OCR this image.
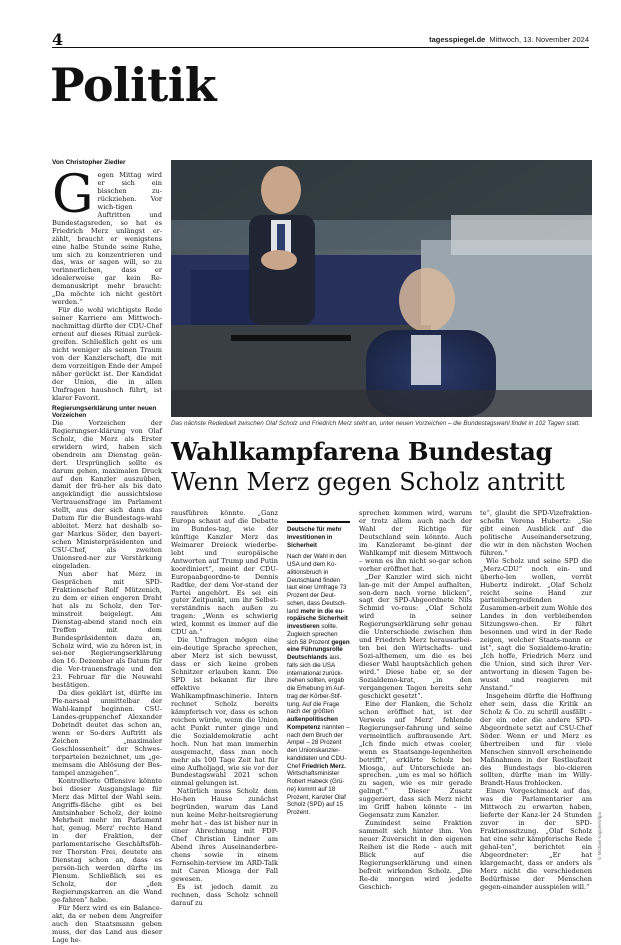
4	tagesspiegel.de Mittwoch, 13. November 2024
Politik
Von Christopher Ziedler

Gegen Mittag wird er sich ein bisschen zu-rückziehen. Vor wich-tigen Auftritten und Bundestagsreden, so hat es Friedrich Merz unlängst er-zählt, braucht er wenigstens eine halbe Stunde seine Ruhe, um sich zu konzentrieren und das, was er sagen will, so zu verinnerlichen, dass er idealerweise gar kein Re-demanuskript mehr braucht: „Da möchte ich nicht gestört werden.“

Für die wohl wichtigste Rede seiner Karriere am Mittwoch-nachmittag dürfte der CDU-Chef erneut auf dieses Ritual zurück-greifen. Schließlich geht es um nicht weniger als seinen Traum von der Kanzlerschaft, die mit dem vorzeitigen Ende der Ampel näher gerückt ist. Der Kandidat der Union, die in allen Umfragen haushoch führt, ist klarer Favorit.

Regierungserklärung unter neuen Vorzeichen

Die Vorzeichen der Regierungser-klärung von Olaf Scholz, die Merz als Erster erwidern wird, haben sich obendrein am Dienstag geän-dert. Ursprünglich sollte es darum gehen, maximalen Druck auf den Kanzler auszuüben, damit der frü-her als bis dato angekündigt die aussichtslose Vertrauensfrage im Parlament stellt, aus der sich dann das Datum für die Bundestags-wahl ableitet. Merz hat deshalb so-gar Markus Söder, den bayeri-schen Ministerpräsidenten und CSU-Chef, als zweiten Unionsred-ner zur Verstärkung eingeladen.

Nun aber hat Merz in Gesprächen mit SPD-Fraktionschef Rolf Mützenich, zu dem er einen engeren Draht hat als zu Scholz, den Ter-minstreit beigelegt. Am Dienstag-abend stand noch ein Treffen mit dem Bundespräsidenten dazu an, Scholz wird, wie zu hören ist, in sei-ner Regierungserklärung den 16. Dezember als Datum für die Ver-trauensfrage und den 23. Februar für die Neuwahl bestätigen.

Da dies geklärt ist, dürfte im Ple-narsaal unmittelbar der Wahl-kampf beginnen. CSU-Landes-gruppenchef Alexander Dobrindt deutet das schon an, wenn er So-ders Auftritt als Zeichen „maximaler Geschlossenheit“ der Schwes-terparteien bezeichnet, um „ge-meinsam die Ablösung der Bes-tampel anzugehen“.

Kontrollierte Offensive könnte bei dieser Ausgangslage für Merz das Mittel der Wahl sein. Angriffs-fläche gibt es bei Amtsinhaber Scholz, der keine Mehrheit mehr im Parlament hat, genug. Merz' rechte Hand in der Fraktion, der parlamentarische Geschäftsfüh-rer Thorsten Frei, deutete am Dienstag schon an, dass es persön-lich werden dürfte im Plenum. Schließlich sei es Scholz, der „den Regierungskarren an die Wand ge-fahren“ habe.

Für Merz wird es ein Balance-akt, da er neben dem Angreifer auch den Staatsmann geben muss, der das Land aus dieser Lage he-

Das nächste Rededuell zwischen Olaf Scholz und Friedrich Merz steht an, unter neuen Vorzeichen – die Bundestagswahl findet in 102 Tagen statt.
© Michael Kappeler/dpa
Wahlkampfarena Bundestag
Wenn Merz gegen Scholz antritt

rausführen könnte. „Ganz Europa schaut auf die Debatte im Bundes-tag, wie der künftige Kanzler Merz das Weimarer Dreieck wiederbe-lebt und europäische Antworten auf Trump und Putin koordiniert“, meint der CDU-Europaabgeordne-te Dennis Radtke, der dem Vor-stand der Partei angehört. Es sei ein guter Zeitpunkt, um ihr Selbst-verständnis nach außen zu tragen: „Wenn es schwierig wird, kommt es immer auf die CDU an.“

Die Umfragen mögen eine ein-deutige Sprache sprechen, aber Merz ist sich bewusst, dass er sich keine groben Schnitzer erlauben kann. Die SPD ist bekannt für ihre effektive Wahlkampfmaschinerie. Intern rechnet Scholz bereits kämpferisch vor, dass es schon reichen würde, wenn die Union acht Punkt runter ginge und die Sozialdemokratie acht hoch. Nun hat man immerhin ausgemacht, dass man noch mehr als 100 Tage Zeit hat für eine Aufholjagd, wie sie vor der Bundestagswahl 2021 schon einmal gelungen ist.

Natürlich muss Scholz dem Ho-hen Hause zunächst begründen, warum das Land nun keine Mehr-heitsregierung mehr hat – das ist bisher nur in einer Abrechnung mit FDP-Chef Christian Lindner am Abend ihres Auseinanderbre-chens sowie in einem Fernsehin-terview im ARD-Talk mit Caren Miosga der Fall gewesen.

Es ist jedoch damit zu rechnen, dass Scholz schnell darauf zu

Deutsche für mehr Investitionen in Sicherheit
Nach der Wahl in den USA und dem Ko-alitionsbruch in Deutschland finden laut einer Umfrage 73 Prozent der Deut-schen, dass Deutsch-land mehr in die eu-ropäische Sicherheit investieren sollte. Zugleich sprechen sich 58 Prozent gegen eine Führungsrolle Deutschlands aus, falls sich die USA international zurück-ziehen sollten, ergab die Erhebung im Auf-trag der Körber-Stif-tung. Auf die Frage nach der größten außenpolitischen Kompetenz nannten – nach dem Bruch der Ampel – 28 Prozent den Unionskanzler-kandidaten und CDU-Chef Friedrich Merz. Wirtschaftsminister Robert Habeck (Grü-ne) kommt auf 18 Prozent, Kanzler Olaf Scholz (SPD) auf 15 Prozent.

sprechen kommen wird, warum er trotz allem auch nach der Wahl der Richtige für Deutschland sein könnte. Auch im Kanzleramt be-ginnt der Wahlkampf mit diesem Mittwoch – wenn es ihn nicht so-gar schon vorher eröffnet hat.

„Der Kanzler wird sich nicht lan-ge mit der Ampel aufhalten, son-dern nach vorne blicken“, sagt der SPD-Abgeordnete Nils Schmid vo-raus: „Olaf Scholz wird in seiner Regierungserklärung sehr genau die Unterschiede zwischen ihm und Friedrich Merz herausarbei-ten bei den Wirtschafts- und Sozi-althemen, um die es bei dieser Wahl hauptsächlich gehen wird.“ Diese habe er, so der Sozialdemo-krat, „in den vergangenen Tagen bereits sehr geschickt gesetzt“.

Eine der Flanken, die Scholz schon eröffnet hat, ist der Verweis auf Merz' fehlende Regierungser-fahrung und seine vermeintlich aufbrausende Art. „Ich finde mich etwas cooler, wenn es Staatsange-legenheiten betrifft“, erklärte Scholz bei Miosga, auf Unterschiede an-sprechen. „um es mal so höflich zu sagen, wie es mir gerade gelingt.“ Dieser Zusatz suggeriert, dass sich Merz nicht im Griff haben könnte – im Gegensatz zum Kanzler.

Zumindest seine Fraktion sammelt sich hinter ihm. Von neuer Zuversicht in den eigenen Reihen ist die Rede – auch mit Blick auf die Regierungserklärung und einen befreit wirkenden Scholz. „Die Re-de morgen wird jedelte Geschich-

te“, glaubt die SPD-Vizefraktion-schefin Verena Hubertz: „Sie gibt einen Ausblick auf die politische Auseinandersetzung, die wir in den nächsten Wochen führen.“

Wie Scholz und seine SPD die „Merz-CDU“ noch ein- und überho-len wollen, verrät Hubertz indirekt. „Olaf Scholz reicht seine Hand zur parteiübergreifenden Zusammen-arbeit zum Wohle des Landes in den verbleibenden Sitzungswo-chen. Er führt besonnen und wird in der Rede zeigen, welcher Staats-mann er ist“, sagt die Sozialdemo-kratin: „Ich hoffe, Friedrich Merz und die Union, sind sich ihrer Ver-antwortung in diesen Tagen be-wusst und reagieren mit Anstand.“

Insgeheim dürfte die Hoffnung eher sein, dass die Kritik an Scholz & Co. zu schrill ausfällt – der ein oder die andere SPD-Abgeordnete setzt auf CSU-Chef Söder. Wenn er und Merz es übertreiben und für viele Menschen sinnvoll erscheinende Maßnahmen in der Restlaufzeit des Bundestags blo-ckieren sollten, dürfte man im Willy-Brandt-Haus frohlocken.

Einen Vorgeschmack auf das, was die Parlamentarier am Mittwoch zu erwarten haben, lieferte der Kanz-ler 24 Stunden zuvor in der SPD-Fraktionssitzung. „Olaf Scholz hat eine sehr kämpferische Rede gehal-ten“, berichtet ein Abgeordneter: „Er hat klargemacht, dass er anders als Merz nicht die verschiedenen Bedürfnisse der Menschen gegen-einander ausspielen will.“
